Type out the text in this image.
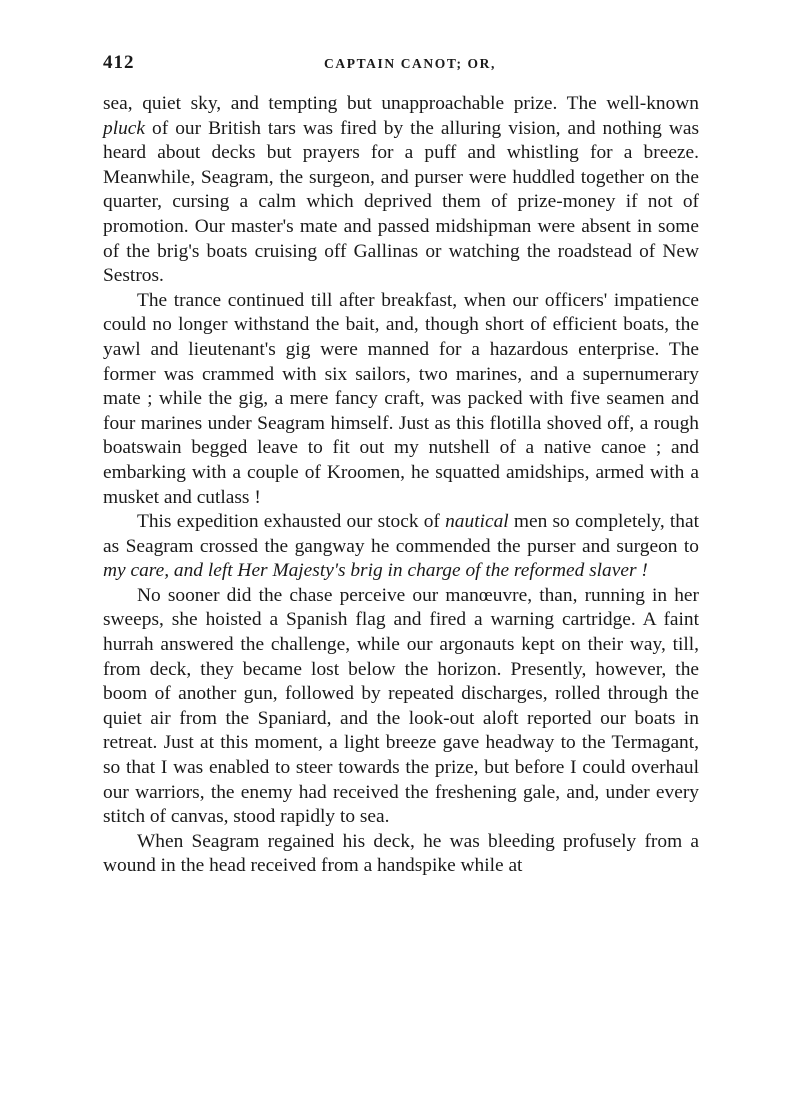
412	CAPTAIN CANOT; OR,

sea, quiet sky, and tempting but unapproachable prize. The well-known pluck of our British tars was fired by the alluring vision, and nothing was heard about decks but prayers for a puff and whistling for a breeze. Meanwhile, Seagram, the surgeon, and purser were huddled together on the quarter, cursing a calm which deprived them of prize-money if not of promotion. Our master's mate and passed midshipman were absent in some of the brig's boats cruising off Gallinas or watching the roadstead of New Sestros.

The trance continued till after breakfast, when our officers' impatience could no longer withstand the bait, and, though short of efficient boats, the yawl and lieutenant's gig were manned for a hazardous enterprise. The former was crammed with six sailors, two marines, and a supernumerary mate ; while the gig, a mere fancy craft, was packed with five seamen and four marines under Seagram himself. Just as this flotilla shoved off, a rough boatswain begged leave to fit out my nutshell of a native canoe ; and embarking with a couple of Kroomen, he squatted amidships, armed with a musket and cutlass !

This expedition exhausted our stock of nautical men so completely, that as Seagram crossed the gangway he commended the purser and surgeon to my care, and left Her Majesty's brig in charge of the reformed slaver !

No sooner did the chase perceive our manœuvre, than, running in her sweeps, she hoisted a Spanish flag and fired a warning cartridge. A faint hurrah answered the challenge, while our argonauts kept on their way, till, from deck, they became lost below the horizon. Presently, however, the boom of another gun, followed by repeated discharges, rolled through the quiet air from the Spaniard, and the look-out aloft reported our boats in retreat. Just at this moment, a light breeze gave headway to the Termagant, so that I was enabled to steer towards the prize, but before I could overhaul our warriors, the enemy had received the freshening gale, and, under every stitch of canvas, stood rapidly to sea.

When Seagram regained his deck, he was bleeding profusely from a wound in the head received from a handspike while at
